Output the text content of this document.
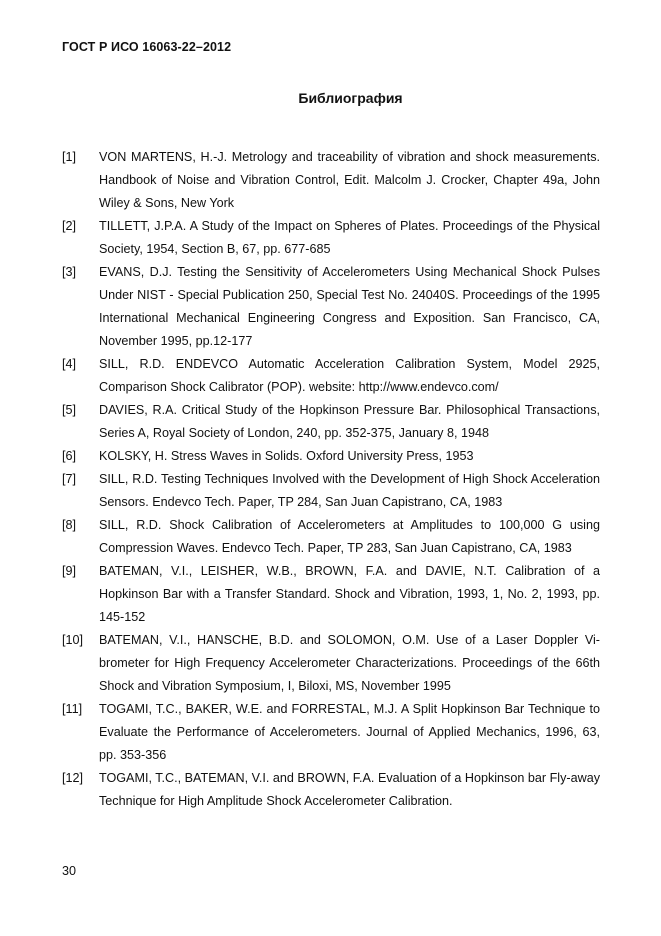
ГОСТ Р ИСО 16063-22–2012
Библиография
[1]	VON MARTENS, H.-J. Metrology and traceability of vibration and shock measurements. Handbook of Noise and Vibration Control, Edit. Malcolm J. Crocker, Chapter 49a, John Wiley & Sons, New York
[2]	TILLETT, J.P.A. A Study of the Impact on Spheres of Plates. Proceedings of the Physical Society, 1954, Section B, 67, pp. 677-685
[3]	EVANS, D.J. Testing the Sensitivity of Accelerometers Using Mechanical Shock Pulses Under NIST - Special Publication 250, Special Test No. 24040S. Proceedings of the 1995 International Mechanical Engineering Congress and Exposition. San Francisco, CA, November 1995, pp.12-177
[4]	SILL, R.D. ENDEVCO Automatic Acceleration Calibration System, Model 2925, Comparison Shock Calibrator (POP). website: http://www.endevco.com/
[5]	DAVIES, R.A. Critical Study of the Hopkinson Pressure Bar. Philosophical Transactions, Series A, Royal Society of London, 240, pp. 352-375, January 8, 1948
[6]	KOLSKY, H. Stress Waves in Solids. Oxford University Press, 1953
[7]	SILL, R.D. Testing Techniques Involved with the Development of High Shock Acceleration Sensors. Endevco Tech. Paper, TP 284, San Juan Capistrano, CA, 1983
[8]	SILL, R.D. Shock Calibration of Accelerometers at Amplitudes to 100,000 G using Compression Waves. Endevco Tech. Paper, TP 283, San Juan Capistrano, CA, 1983
[9]	BATEMAN, V.I., LEISHER, W.B., BROWN, F.A. and DAVIE, N.T. Calibration of a Hopkinson Bar with a Transfer Standard. Shock and Vibration, 1993, 1, No. 2, 1993, pp. 145-152
[10]	BATEMAN, V.I., HANSCHE, B.D. and SOLOMON, O.M. Use of a Laser Doppler Vibrometer for High Frequency Accelerometer Characterizations. Proceedings of the 66th Shock and Vibration Symposium, I, Biloxi, MS, November 1995
[11]	TOGAMI, T.C., BAKER, W.E. and FORRESTAL, M.J. A Split Hopkinson Bar Technique to Evaluate the Performance of Accelerometers. Journal of Applied Mechanics, 1996, 63, pp. 353-356
[12]	TOGAMI, T.C., BATEMAN, V.I. and BROWN, F.A. Evaluation of a Hopkinson bar Fly-away Technique for High Amplitude Shock Accelerometer Calibration.
30
